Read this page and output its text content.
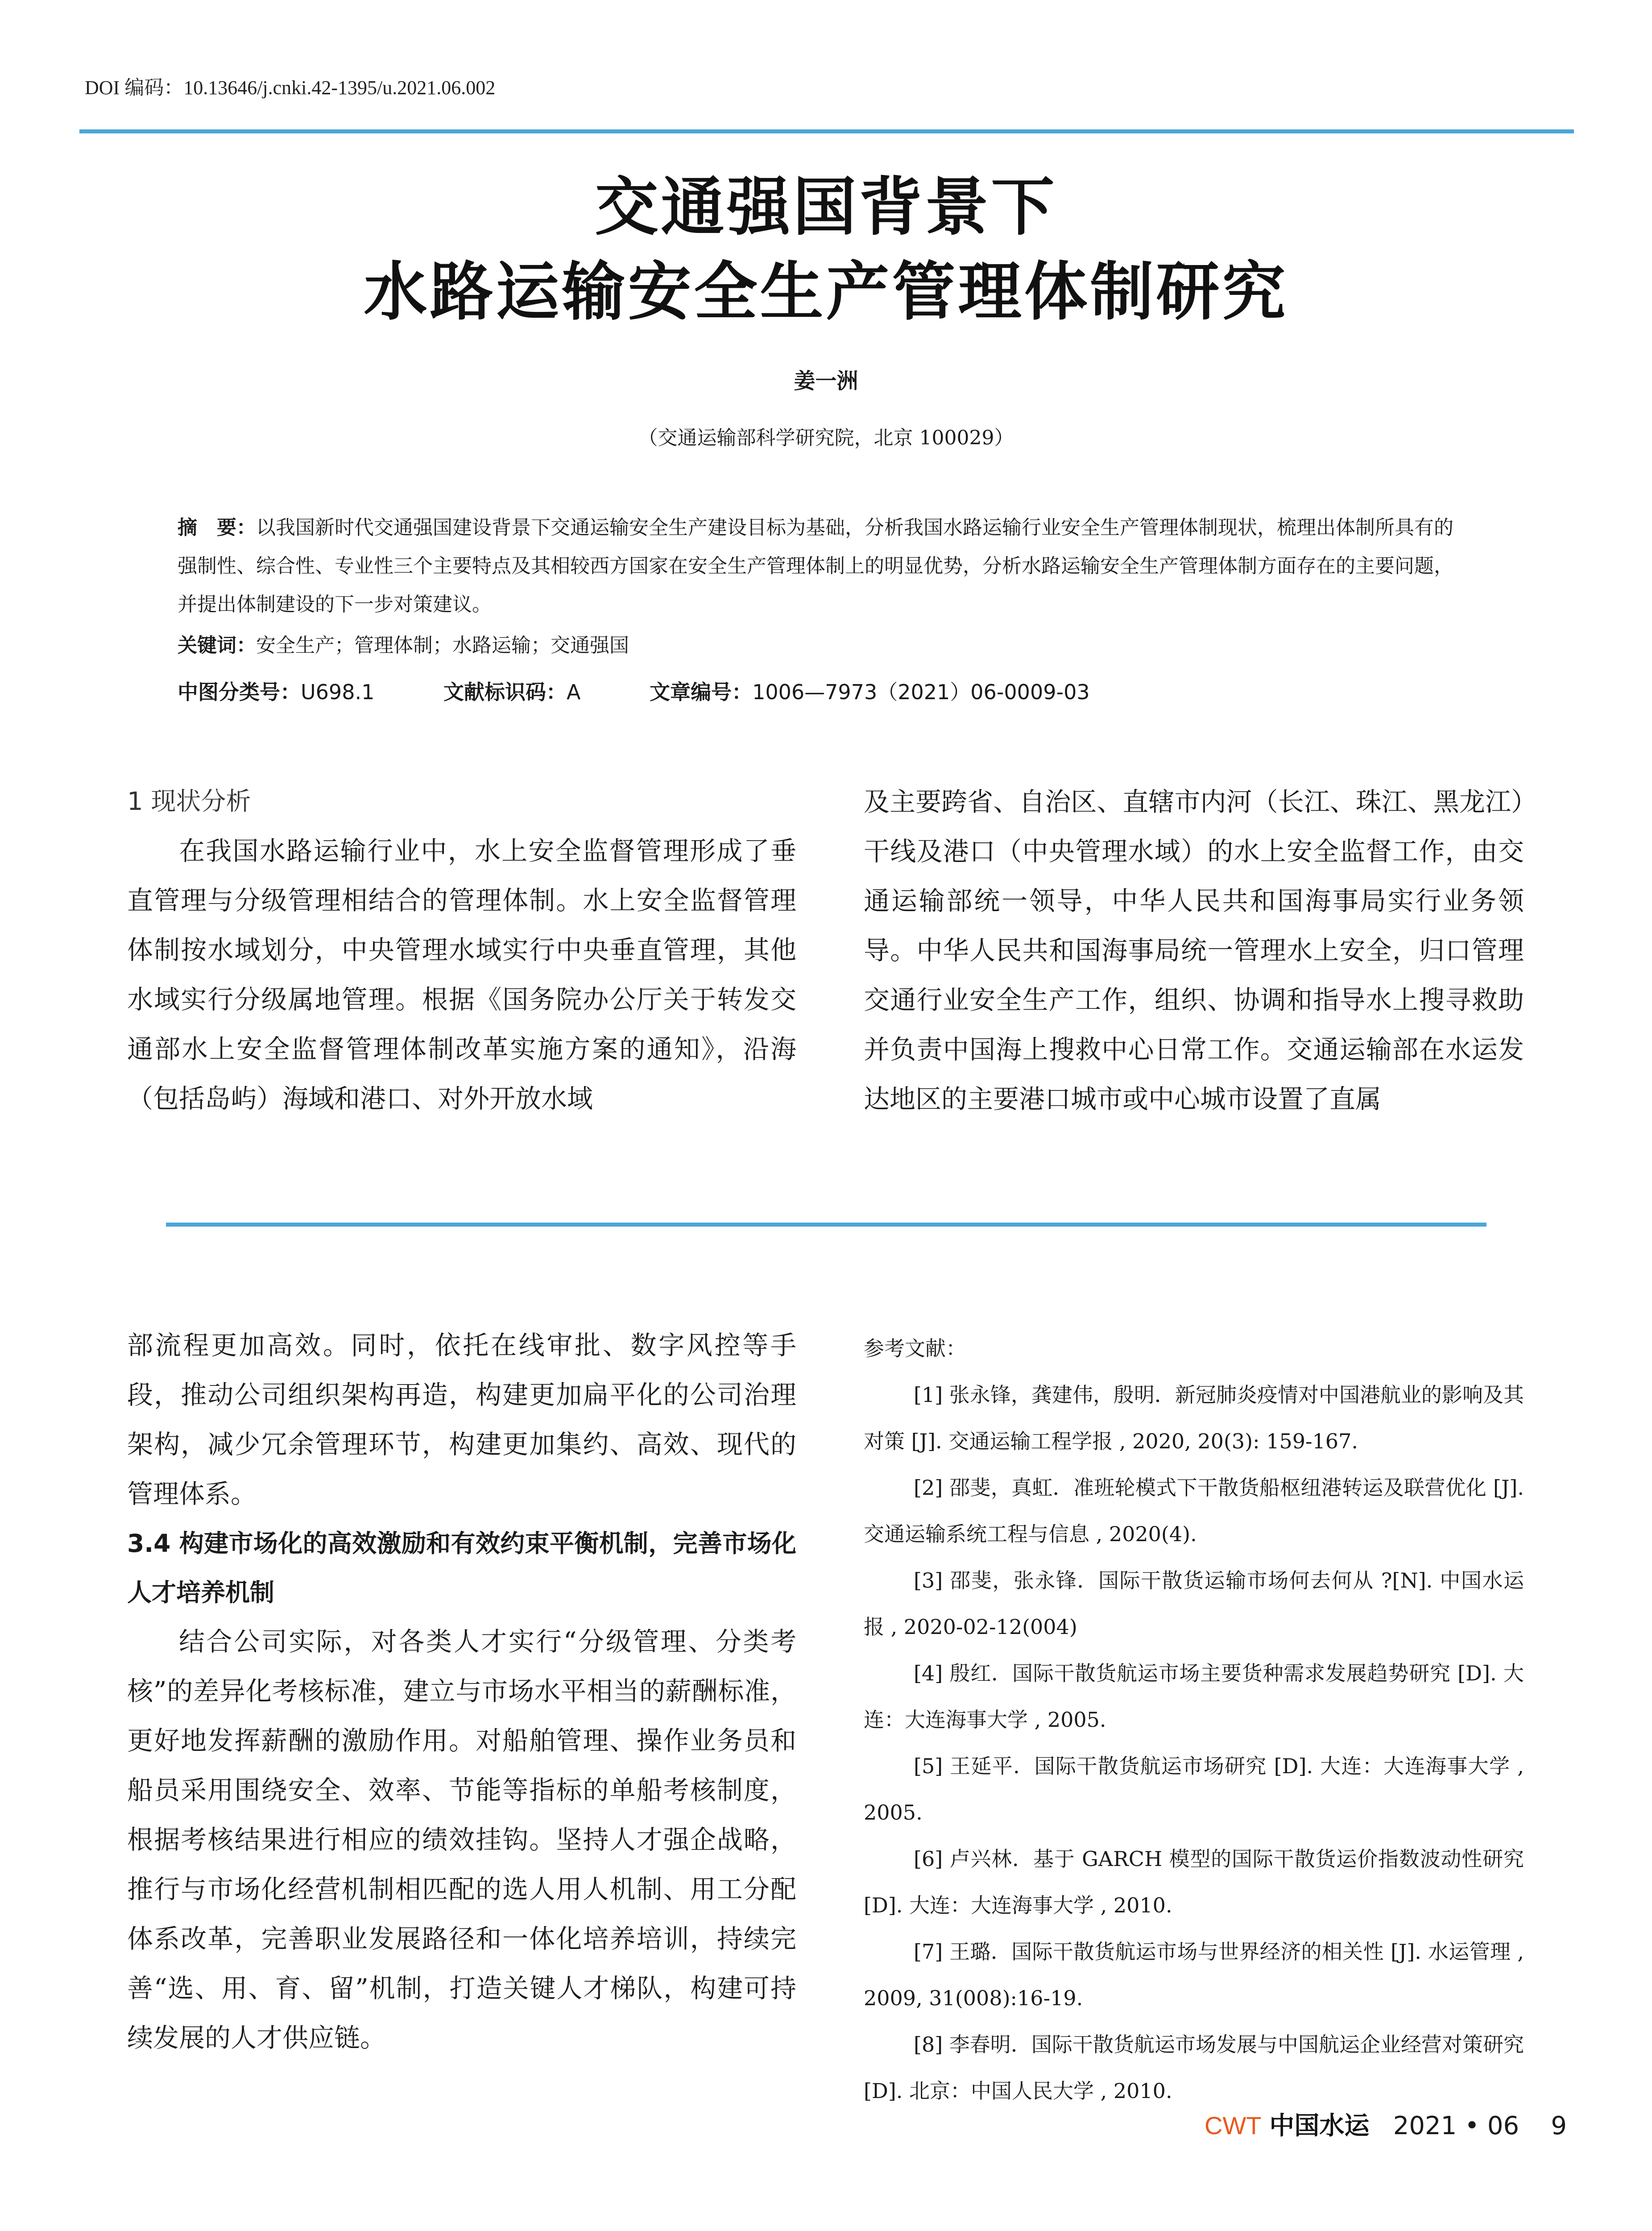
DOI 编码：10.13646/j.cnki.42-1395/u.2021.06.002
交通强国背景下
水路运输安全生产管理体制研究
姜一洲
（交通运输部科学研究院，北京 100029）
摘　要：以我国新时代交通强国建设背景下交通运输安全生产建设目标为基础，分析我国水路运输行业安全生产管理体制现状，梳理出体制所具有的强制性、综合性、专业性三个主要特点及其相较西方国家在安全生产管理体制上的明显优势，分析水路运输安全生产管理体制方面存在的主要问题，并提出体制建设的下一步对策建议。
关键词：安全生产；管理体制；水路运输；交通强国
中图分类号：U698.1	文献标识码：A	文章编号：1006—7973（2021）06-0009-03
1 现状分析

在我国水路运输行业中，水上安全监督管理形成了垂直管理与分级管理相结合的管理体制。水上安全监督管理体制按水域划分，中央管理水域实行中央垂直管理，其他水域实行分级属地管理。根据《国务院办公厅关于转发交通部水上安全监督管理体制改革实施方案的通知》，沿海（包括岛屿）海域和港口、对外开放水域

及主要跨省、自治区、直辖市内河（长江、珠江、黑龙江）干线及港口（中央管理水域）的水上安全监督工作，由交通运输部统一领导，中华人民共和国海事局实行业务领导。中华人民共和国海事局统一管理水上安全，归口管理交通行业安全生产工作，组织、协调和指导水上搜寻救助并负责中国海上搜救中心日常工作。交通运输部在水运发达地区的主要港口城市或中心城市设置了直属

部流程更加高效。同时，依托在线审批、数字风控等手段，推动公司组织架构再造，构建更加扁平化的公司治理架构，减少冗余管理环节，构建更加集约、高效、现代的管理体系。

3.4 构建市场化的高效激励和有效约束平衡机制，完善市场化人才培养机制

结合公司实际，对各类人才实行“分级管理、分类考核”的差异化考核标准，建立与市场水平相当的薪酬标准，更好地发挥薪酬的激励作用。对船舶管理、操作业务员和船员采用围绕安全、效率、节能等指标的单船考核制度，根据考核结果进行相应的绩效挂钩。坚持人才强企战略，推行与市场化经营机制相匹配的选人用人机制、用工分配体系改革，完善职业发展路径和一体化培养培训，持续完善“选、用、育、留”机制，打造关键人才梯队，构建可持续发展的人才供应链。

参考文献：

[1] 张永锋，龚建伟，殷明．新冠肺炎疫情对中国港航业的影响及其对策 [J]. 交通运输工程学报 , 2020, 20(3): 159-167.

[2] 邵斐，真虹．准班轮模式下干散货船枢纽港转运及联营优化 [J]. 交通运输系统工程与信息 , 2020(4).

[3] 邵斐，张永锋．国际干散货运输市场何去何从 ?[N]. 中国水运报 , 2020-02-12(004)

[4] 殷红．国际干散货航运市场主要货种需求发展趋势研究 [D]. 大连：大连海事大学 , 2005.

[5] 王延平．国际干散货航运市场研究 [D]. 大连：大连海事大学 , 2005.

[6] 卢兴林．基于 GARCH 模型的国际干散货运价指数波动性研究 [D]. 大连：大连海事大学 , 2010.

[7] 王璐．国际干散货航运市场与世界经济的相关性 [J]. 水运管理 , 2009, 31(008):16-19.

[8] 李春明．国际干散货航运市场发展与中国航运企业经营对策研究 [D]. 北京：中国人民大学 , 2010.

CWT 中国水运 2021 • 06 9
